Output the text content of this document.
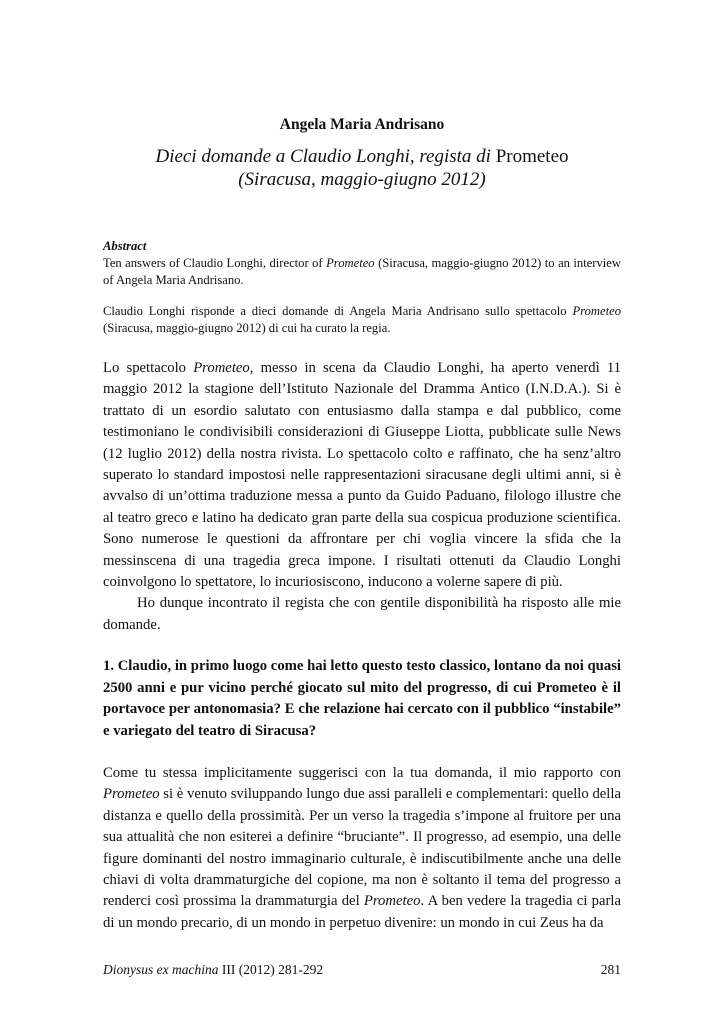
Angela Maria Andrisano
Dieci domande a Claudio Longhi, regista di Prometeo
(Siracusa, maggio-giugno 2012)
Abstract

Ten answers of Claudio Longhi, director of Prometeo (Siracusa, maggio-giugno 2012) to an interview of Angela Maria Andrisano.

Claudio Longhi risponde a dieci domande di Angela Maria Andrisano sullo spettacolo Prometeo (Siracusa, maggio-giugno 2012) di cui ha curato la regia.

Lo spettacolo Prometeo, messo in scena da Claudio Longhi, ha aperto venerdì 11 maggio 2012 la stagione dell’Istituto Nazionale del Dramma Antico (I.N.D.A.). Si è trattato di un esordio salutato con entusiasmo dalla stampa e dal pubblico, come testimoniano le condivisibili considerazioni di Giuseppe Liotta, pubblicate sulle News (12 luglio 2012) della nostra rivista. Lo spettacolo colto e raffinato, che ha senz’altro superato lo standard impostosi nelle rappresentazioni siracusane degli ultimi anni, si è avvalso di un’ottima traduzione messa a punto da Guido Paduano, filologo illustre che al teatro greco e latino ha dedicato gran parte della sua cospicua produzione scientifica. Sono numerose le questioni da affrontare per chi voglia vincere la sfida che la messinscena di una tragedia greca impone. I risultati ottenuti da Claudio Longhi coinvolgono lo spettatore, lo incuriosiscono, inducono a volerne sapere di più.

Ho dunque incontrato il regista che con gentile disponibilità ha risposto alle mie domande.

1. Claudio, in primo luogo come hai letto questo testo classico, lontano da noi quasi 2500 anni e pur vicino perché giocato sul mito del progresso, di cui Prometeo è il portavoce per antonomasia? E che relazione hai cercato con il pubblico “instabile” e variegato del teatro di Siracusa?

Come tu stessa implicitamente suggerisci con la tua domanda, il mio rapporto con Prometeo si è venuto sviluppando lungo due assi paralleli e complementari: quello della distanza e quello della prossimità. Per un verso la tragedia s’impone al fruitore per una sua attualità che non esiterei a definire “bruciante”. Il progresso, ad esempio, una delle figure dominanti del nostro immaginario culturale, è indiscutibilmente anche una delle chiavi di volta drammaturgiche del copione, ma non è soltanto il tema del progresso a renderci così prossima la drammaturgia del Prometeo. A ben vedere la tragedia ci parla di un mondo precario, di un mondo in perpetuo divenire: un mondo in cui Zeus ha da

Dionysus ex machina III (2012) 281-292	281
